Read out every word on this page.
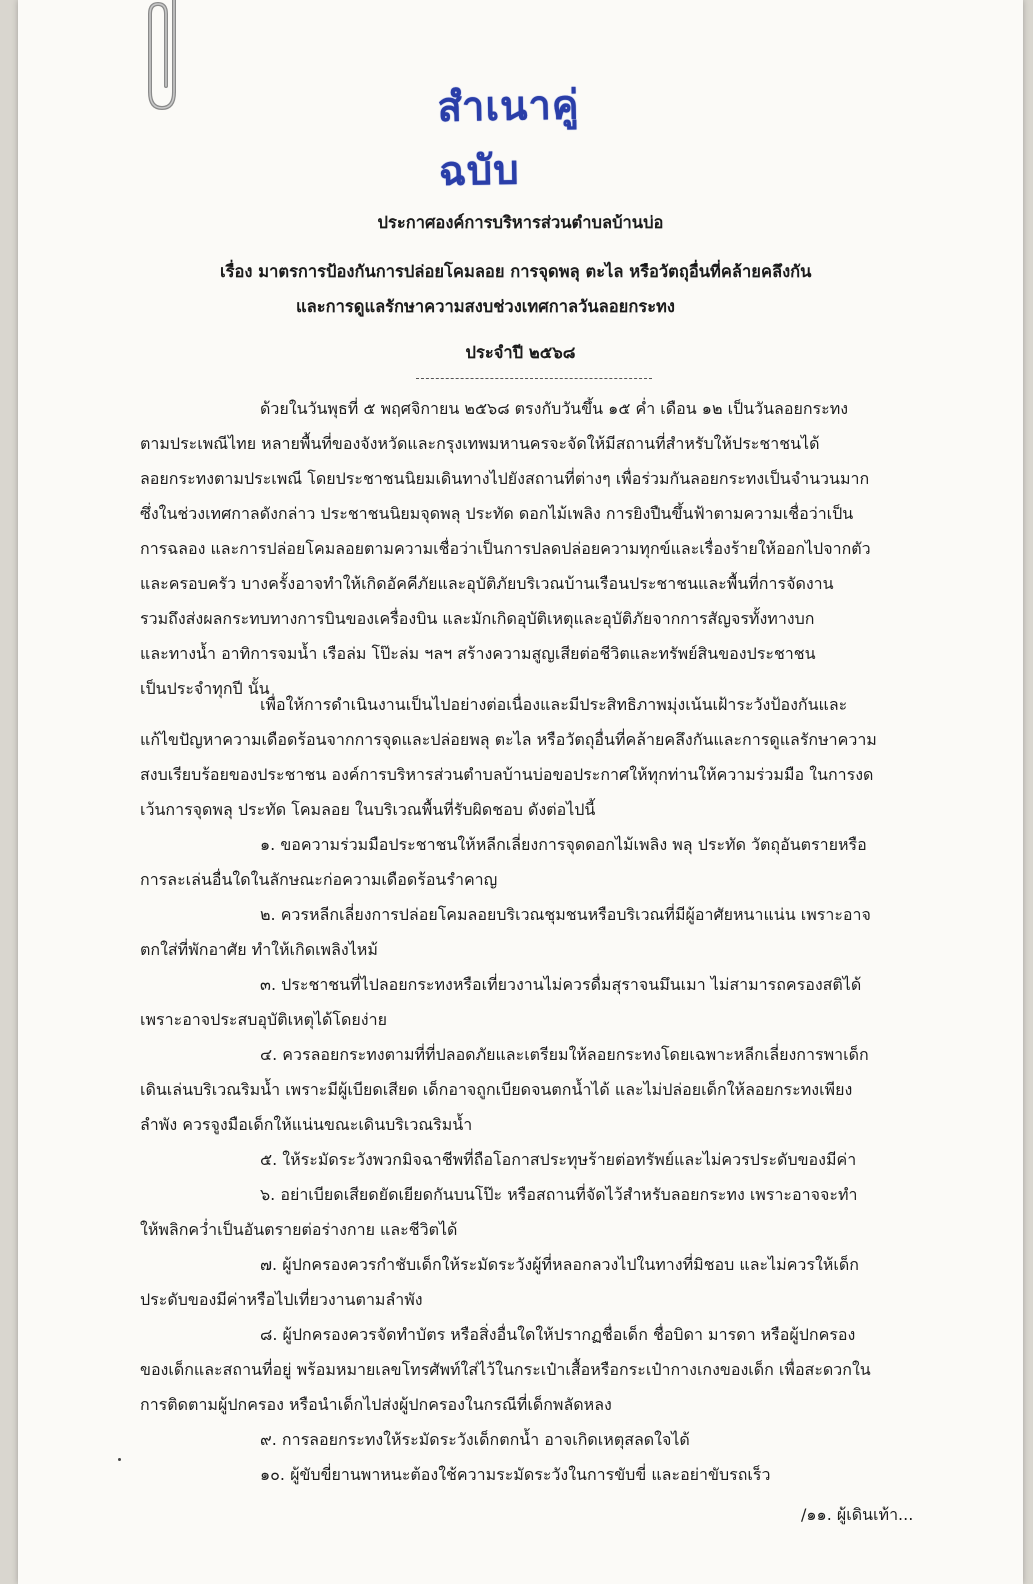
สำเนาคู่ฉบับ
ประกาศองค์การบริหารส่วนตำบลบ้านบ่อ
เรื่อง มาตรการป้องกันการปล่อยโคมลอย การจุดพลุ ตะไล หรือวัตถุอื่นที่คล้ายคลึงกัน
และการดูแลรักษาความสงบช่วงเทศกาลวันลอยกระทง
ประจำปี ๒๕๖๘
ด้วยในวันพุธที่ ๕ พฤศจิกายน ๒๕๖๘ ตรงกับวันขึ้น ๑๕ ค่ำ เดือน ๑๒ เป็นวันลอยกระทง
ตามประเพณีไทย หลายพื้นที่ของจังหวัดและกรุงเทพมหานครจะจัดให้มีสถานที่สำหรับให้ประชาชนได้
ลอยกระทงตามประเพณี โดยประชาชนนิยมเดินทางไปยังสถานที่ต่างๆ เพื่อร่วมกันลอยกระทงเป็นจำนวนมาก
ซึ่งในช่วงเทศกาลดังกล่าว ประชาชนนิยมจุดพลุ ประทัด ดอกไม้เพลิง การยิงปืนขึ้นฟ้าตามความเชื่อว่าเป็น
การฉลอง และการปล่อยโคมลอยตามความเชื่อว่าเป็นการปลดปล่อยความทุกข์และเรื่องร้ายให้ออกไปจากตัว
และครอบครัว บางครั้งอาจทำให้เกิดอัคคีภัยและอุบัติภัยบริเวณบ้านเรือนประชาชนและพื้นที่การจัดงาน
รวมถึงส่งผลกระทบทางการบินของเครื่องบิน และมักเกิดอุบัติเหตุและอุบัติภัยจากการสัญจรทั้งทางบก
และทางน้ำ อาทิการจมน้ำ เรือล่ม โป๊ะล่ม ฯลฯ สร้างความสูญเสียต่อชีวิตและทรัพย์สินของประชาชน
เป็นประจำทุกปี นั้น
เพื่อให้การดำเนินงานเป็นไปอย่างต่อเนื่องและมีประสิทธิภาพมุ่งเน้นเฝ้าระวังป้องกันและ
แก้ไขปัญหาความเดือดร้อนจากการจุดและปล่อยพลุ ตะไล หรือวัตถุอื่นที่คล้ายคลึงกันและการดูแลรักษาความ
สงบเรียบร้อยของประชาชน องค์การบริหารส่วนตำบลบ้านบ่อขอประกาศให้ทุกท่านให้ความร่วมมือ ในการงด
เว้นการจุดพลุ ประทัด โคมลอย ในบริเวณพื้นที่รับผิดชอบ ดังต่อไปนี้
๑. ขอความร่วมมือประชาชนให้หลีกเลี่ยงการจุดดอกไม้เพลิง พลุ ประทัด วัตถุอันตรายหรือ
การละเล่นอื่นใดในลักษณะก่อความเดือดร้อนรำคาญ
๒. ควรหลีกเลี่ยงการปล่อยโคมลอยบริเวณชุมชนหรือบริเวณที่มีผู้อาศัยหนาแน่น เพราะอาจ
ตกใส่ที่พักอาศัย ทำให้เกิดเพลิงไหม้
๓. ประชาชนที่ไปลอยกระทงหรือเที่ยวงานไม่ควรดื่มสุราจนมึนเมา ไม่สามารถครองสติได้
เพราะอาจประสบอุบัติเหตุได้โดยง่าย
๔. ควรลอยกระทงตามที่ที่ปลอดภัยและเตรียมให้ลอยกระทงโดยเฉพาะหลีกเลี่ยงการพาเด็ก
เดินเล่นบริเวณริมน้ำ เพราะมีผู้เบียดเสียด เด็กอาจถูกเบียดจนตกน้ำได้ และไม่ปล่อยเด็กให้ลอยกระทงเพียง
ลำพัง ควรจูงมือเด็กให้แน่นขณะเดินบริเวณริมน้ำ
๕. ให้ระมัดระวังพวกมิจฉาชีพที่ถือโอกาสประทุษร้ายต่อทรัพย์และไม่ควรประดับของมีค่า
๖. อย่าเบียดเสียดยัดเยียดกันบนโป๊ะ หรือสถานที่จัดไว้สำหรับลอยกระทง เพราะอาจจะทำ
ให้พลิกคว่ำเป็นอันตรายต่อร่างกาย และชีวิตได้
๗. ผู้ปกครองควรกำชับเด็กให้ระมัดระวังผู้ที่หลอกลวงไปในทางที่มิชอบ และไม่ควรให้เด็ก
ประดับของมีค่าหรือไปเที่ยวงานตามลำพัง
๘. ผู้ปกครองควรจัดทำบัตร หรือสิ่งอื่นใดให้ปรากฏชื่อเด็ก ชื่อบิดา มารดา หรือผู้ปกครอง
ของเด็กและสถานที่อยู่ พร้อมหมายเลขโทรศัพท์ใส่ไว้ในกระเป๋าเสื้อหรือกระเป๋ากางเกงของเด็ก เพื่อสะดวกใน
การติดตามผู้ปกครอง หรือนำเด็กไปส่งผู้ปกครองในกรณีที่เด็กพลัดหลง
๙. การลอยกระทงให้ระมัดระวังเด็กตกน้ำ อาจเกิดเหตุสลดใจได้
๑๐. ผู้ขับขี่ยานพาหนะต้องใช้ความระมัดระวังในการขับขี่ และอย่าขับรถเร็ว
/๑๑. ผู้เดินเท้า...
